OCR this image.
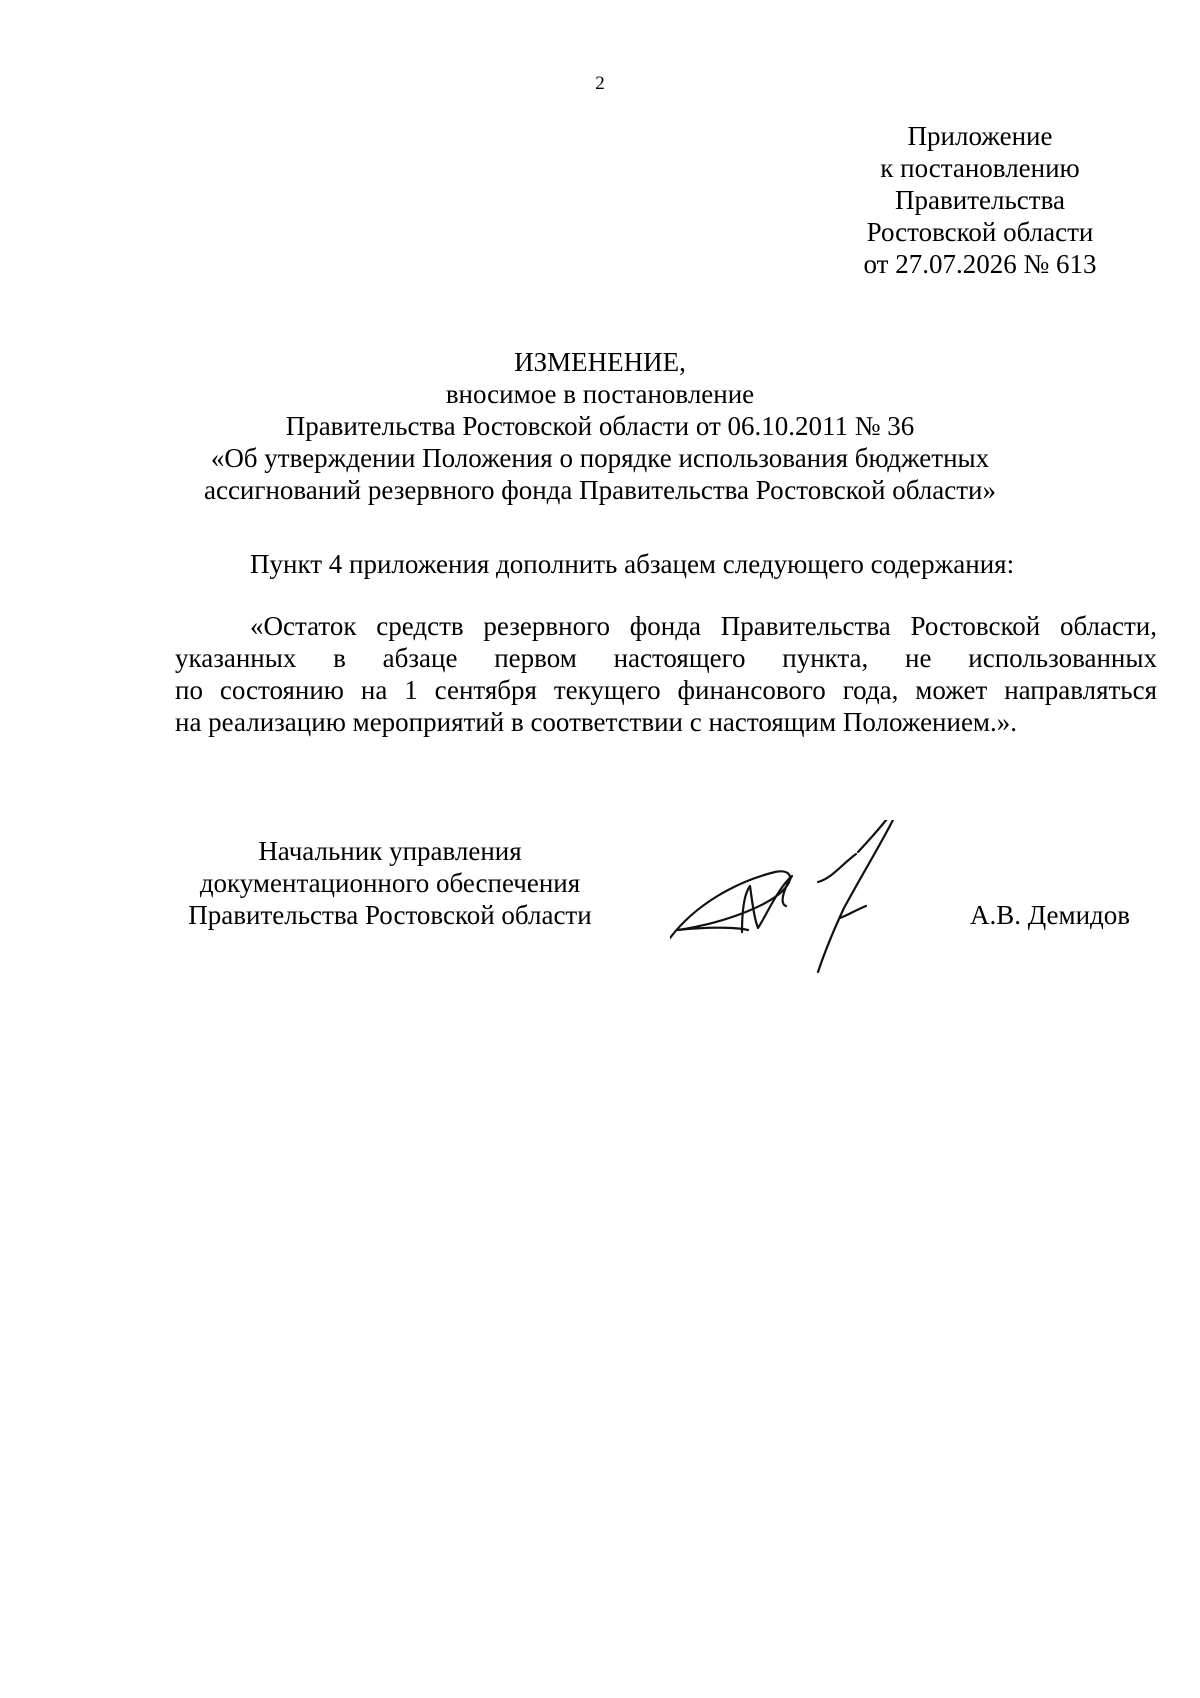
2
Приложение
к постановлению
Правительства
Ростовской области
от 27.07.2026 № 613
ИЗМЕНЕНИЕ,
вносимое в постановление
Правительства Ростовской области от 06.10.2011 № 36
«Об утверждении Положения о порядке использования бюджетных
ассигнований резервного фонда Правительства Ростовской области»
Пункт 4 приложения дополнить абзацем следующего содержания:
«Остаток средств резервного фонда Правительства Ростовской области,
указанных в абзаце первом настоящего пункта, не использованных
по состоянию на 1 сентября текущего финансового года, может направляться
на реализацию мероприятий в соответствии с настоящим Положением.».
Начальник управления
документационного обеспечения
Правительства Ростовской области	А.В. Демидов
